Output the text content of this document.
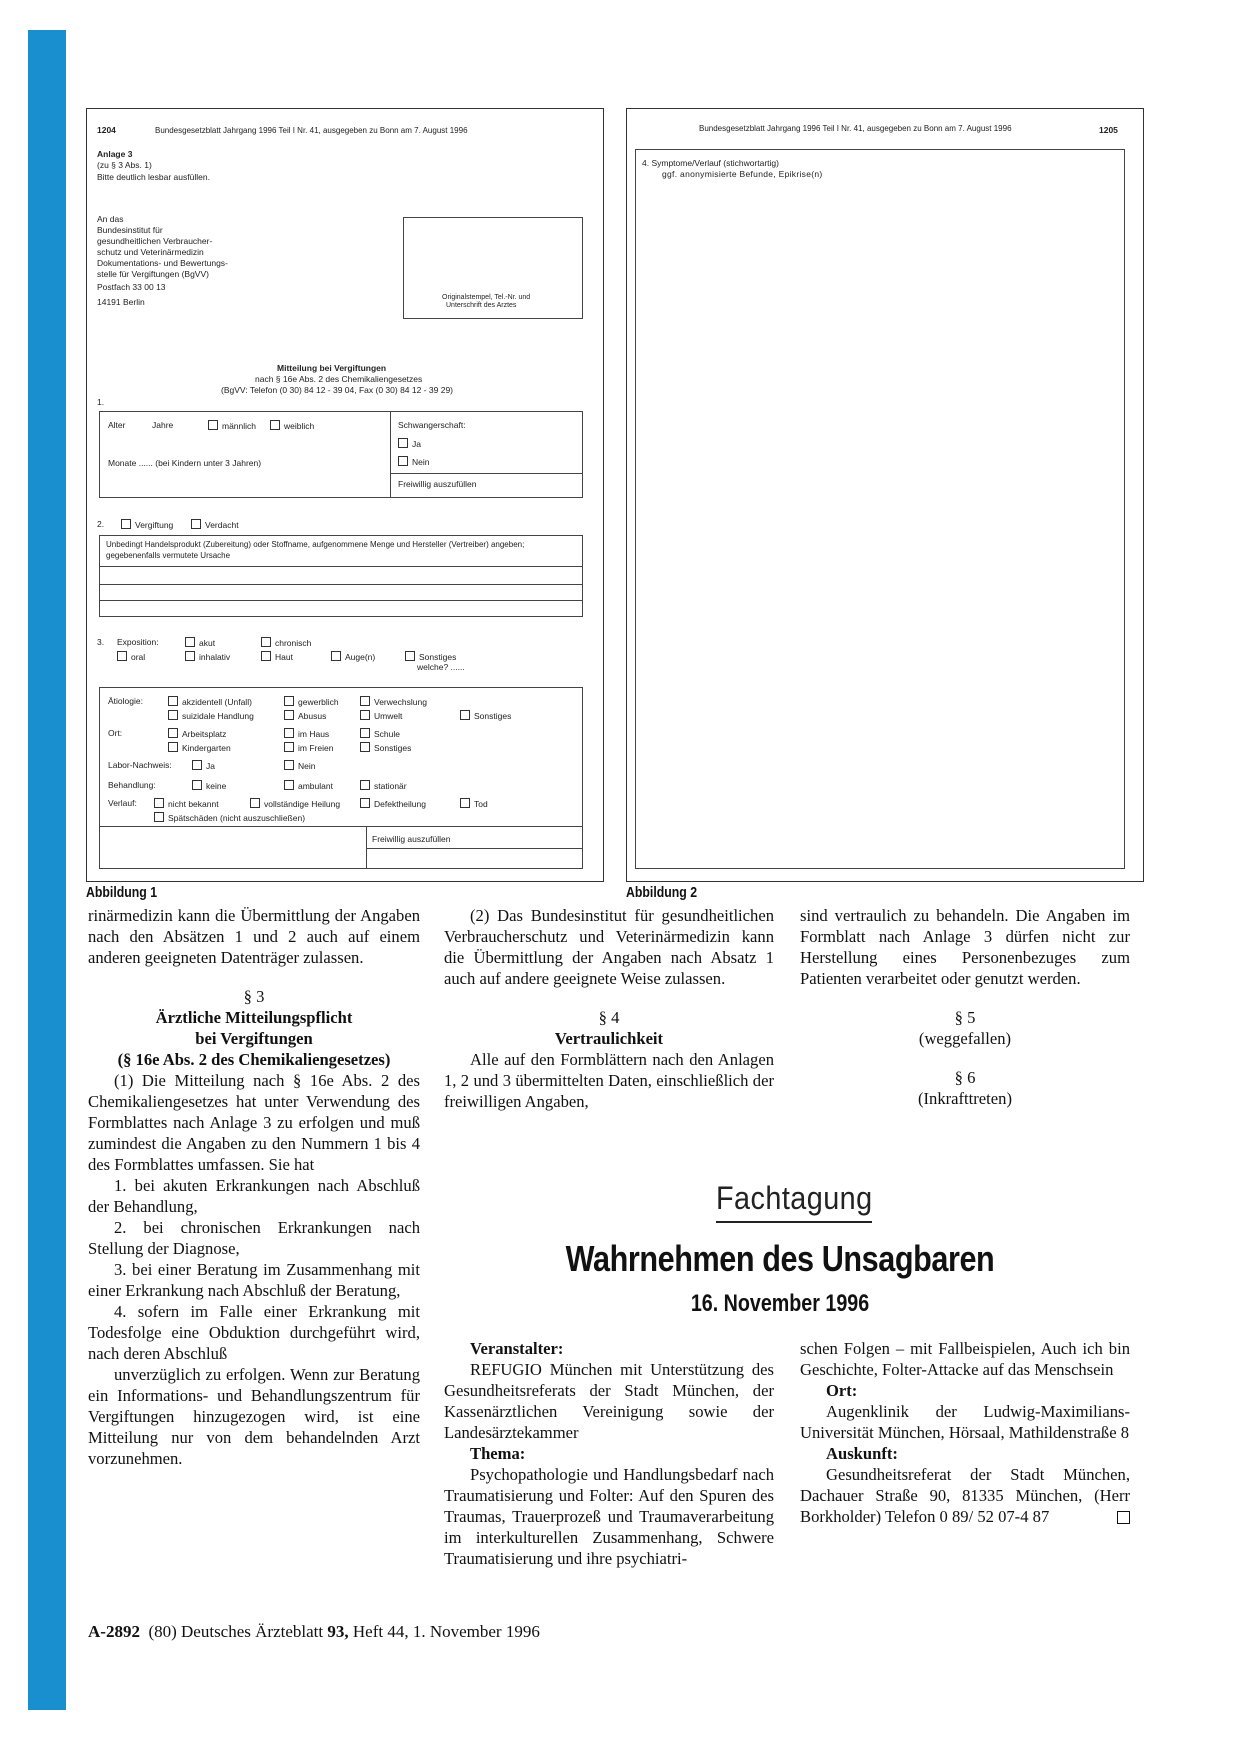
1204	Bundesgesetzblatt Jahrgang 1996 Teil I Nr. 41, ausgegeben zu Bonn am 7. August 1996
Anlage 3
(zu § 3 Abs. 1)
Bitte deutlich lesbar ausfüllen.
An das
Bundesinstitut für
gesundheitlichen Verbraucher-
schutz und Veterinärmedizin
Dokumentations- und Bewertungs-
stelle für Vergiftungen (BgVV)
Postfach 33 00 13
14191 Berlin	Originalstempel, Tel.-Nr. und
Unterschrift des Arztes
Mitteilung bei Vergiftungen
nach § 16e Abs. 2 des Chemikaliengesetzes
(BgVV: Telefon (0 30) 84 12 - 39 04, Fax (0 30) 84 12 - 39 29)
1.
Alter	Jahre	männlich	weiblich
Monate ...... (bei Kindern unter 3 Jahren)
Schwangerschaft:
Ja
Nein
Freiwillig auszufüllen
2.	Vergiftung	Verdacht
Unbedingt Handelsprodukt (Zubereitung) oder Stoffname, aufgenommene Menge und Hersteller (Vertreiber) angeben;
gegebenenfalls vermutete Ursache
3. Exposition:	akut	chronisch
oral	inhalativ	Haut	Auge(n)	Sonstiges
welche? ......
Ätiologie:	akzidentell (Unfall)	gewerblich	Verwechslung
suizidale Handlung	Abusus	Umwelt	Sonstiges
Ort:	Arbeitsplatz	im Haus	Schule
Kindergarten	im Freien	Sonstiges
Labor-Nachweis:	Ja	Nein
Behandlung:	keine	ambulant	stationär
Verlauf:	nicht bekannt	vollständige Heilung	Defektheilung	Tod
Spätschäden (nicht auszuschließen)
Freiwillig auszufüllen
Bundesgesetzblatt Jahrgang 1996 Teil I Nr. 41, ausgegeben zu Bonn am 7. August 1996	1205
4. Symptome/Verlauf (stichwortartig)
ggf. anonymisierte Befunde, Epikrise(n)
Abbildung 1	Abbildung 2

rinärmedizin kann die Übermittlung der Angaben nach den Absätzen 1 und 2 auch auf einem anderen geeigneten Datenträger zulassen.

§ 3
Ärztliche Mitteilungspflicht
bei Vergiftungen
(§ 16e Abs. 2 des Chemikaliengesetzes)

(1) Die Mitteilung nach § 16e Abs. 2 des Chemikaliengesetzes hat unter Verwendung des Formblattes nach Anlage 3 zu erfolgen und muß zumindest die Angaben zu den Nummern 1 bis 4 des Formblattes umfassen. Sie hat

1. bei akuten Erkrankungen nach Abschluß der Behandlung,

2. bei chronischen Erkrankungen nach Stellung der Diagnose,

3. bei einer Beratung im Zusammenhang mit einer Erkrankung nach Abschluß der Beratung,

4. sofern im Falle einer Erkrankung mit Todesfolge eine Obduktion durchgeführt wird, nach deren Abschluß

unverzüglich zu erfolgen. Wenn zur Beratung ein Informations- und Behandlungszentrum für Vergiftungen hinzugezogen wird, ist eine Mitteilung nur von dem behandelnden Arzt vorzunehmen.

(2) Das Bundesinstitut für gesundheitlichen Verbraucherschutz und Veterinärmedizin kann die Übermittlung der Angaben nach Absatz 1 auch auf andere geeignete Weise zulassen.

§ 4
Vertraulichkeit

Alle auf den Formblättern nach den Anlagen 1, 2 und 3 übermittelten Daten, einschließlich der freiwilligen Angaben,

sind vertraulich zu behandeln. Die Angaben im Formblatt nach Anlage 3 dürfen nicht zur Herstellung eines Personenbezuges zum Patienten verarbeitet oder genutzt werden.

§ 5
(weggefallen)
§ 6
(Inkrafttreten)
Fachtagung
Wahrnehmen des Unsagbaren
16. November 1996
Veranstalter:

REFUGIO München mit Unterstützung des Gesundheitsreferats der Stadt München, der Kassenärztlichen Vereinigung sowie der Landesärztekammer

Thema:

Psychopathologie und Handlungsbedarf nach Traumatisierung und Folter: Auf den Spuren des Traumas, Trauerprozeß und Traumaverarbeitung im interkulturellen Zusammenhang, Schwere Traumatisierung und ihre psychiatri-

schen Folgen – mit Fallbeispielen, Auch ich bin Geschichte, Folter-Attacke auf das Menschsein

Ort:

Augenklinik der Ludwig-Maximilians-Universität München, Hörsaal, Mathildenstraße 8

Auskunft:

Gesundheitsreferat der Stadt München, Dachauer Straße 90, 81335 München, (Herr Borkholder) Telefon 0 89/ 52 07-4 87

A-2892 (80) Deutsches Ärzteblatt 93, Heft 44, 1. November 1996
